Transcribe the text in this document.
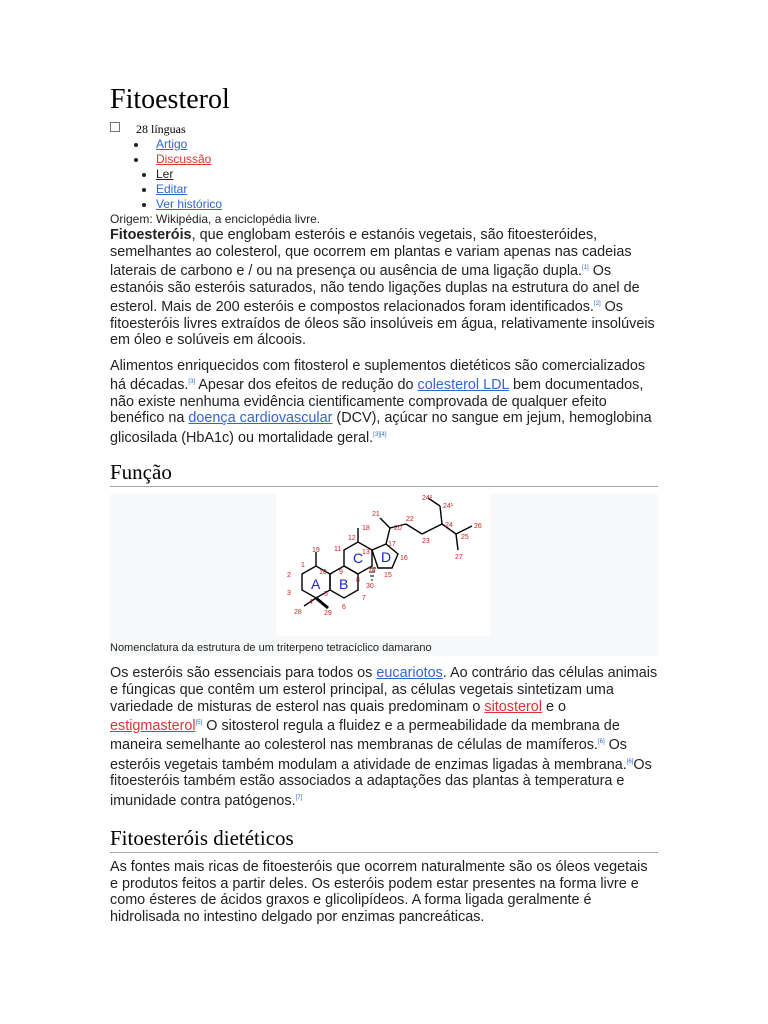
Fitoesterol
28 línguas
Artigo
Discussão
Ler
Editar
Ver histórico
Origem: Wikipédia, a enciclopédia livre.

Fitoesteróis, que englobam esteróis e estanóis vegetais, são fitoesteróides, semelhantes ao colesterol, que ocorrem em plantas e variam apenas nas cadeias laterais de carbono e / ou na presença ou ausência de uma ligação dupla.[1] Os estanóis são esteróis saturados, não tendo ligações duplas na estrutura do anel de esterol. Mais de 200 esteróis e compostos relacionados foram identificados.[2] Os fitoesteróis livres extraídos de óleos são insolúveis em água, relativamente insolúveis em óleo e solúveis em álcoois.

Alimentos enriquecidos com fitosterol e suplementos dietéticos são comercializados há décadas.[3] Apesar dos efeitos de redução do colesterol LDL bem documentados, não existe nenhuma evidência cientificamente comprovada de qualquer efeito benéfico na doença cardiovascular (DCV), açúcar no sangue em jejum, hemoglobina glicosilada (HbA1c) ou mortalidade geral.[3][4]

Função
A B
C D
1
2
3
4
5
6
7
8
9
10
11
12
13
14
15
16
17
18
19
20
21
22
23
24
24¹
24²
25
26
27
28	29
30
Nomenclatura da estrutura de um triterpeno tetracíclico damarano

Os esteróis são essenciais para todos os eucariotos. Ao contrário das células animais e fúngicas que contêm um esterol principal, as células vegetais sintetizam uma variedade de misturas de esterol nas quais predominam o sitosterol e o estigmasterol[5] O sitosterol regula a fluidez e a permeabilidade da membrana de maneira semelhante ao colesterol nas membranas de células de mamíferos.[6] Os esteróis vegetais também modulam a atividade de enzimas ligadas à membrana.[6]Os fitoesteróis também estão associados a adaptações das plantas à temperatura e imunidade contra patógenos.[7]

Fitoesteróis dietéticos

As fontes mais ricas de fitoesteróis que ocorrem naturalmente são os óleos vegetais e produtos feitos a partir deles. Os esteróis podem estar presentes na forma livre e como ésteres de ácidos graxos e glicolipídeos. A forma ligada geralmente é hidrolisada no intestino delgado por enzimas pancreáticas.
